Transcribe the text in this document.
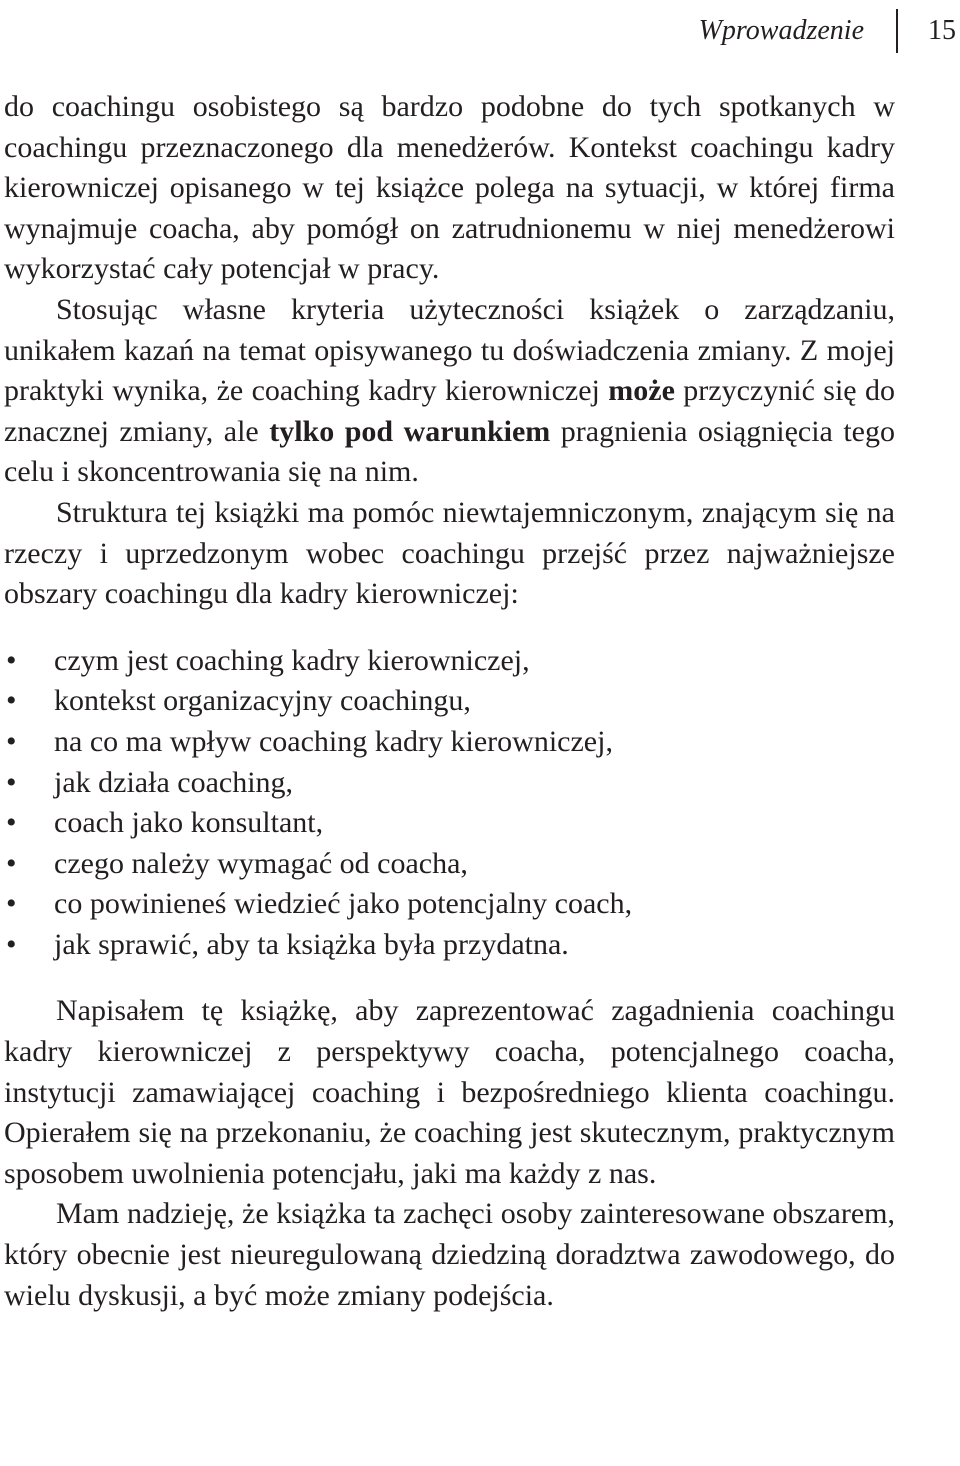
Wprowadzenie	15

do coachingu osobistego są bardzo podobne do tych spotkanych w coachingu przeznaczonego dla menedżerów. Kontekst coachingu kadry kierowniczej opisanego w tej książce polega na sytuacji, w której firma wynajmuje coacha, aby pomógł on zatrudnionemu w niej menedżerowi wykorzystać cały potencjał w pracy.

Stosując własne kryteria użyteczności książek o zarządzaniu, unikałem kazań na temat opisywanego tu doświadczenia zmiany. Z mojej praktyki wynika, że coaching kadry kierowniczej może przyczynić się do znacznej zmiany, ale tylko pod warunkiem pragnienia osiągnięcia tego celu i skoncentrowania się na nim.

Struktura tej książki ma pomóc niewtajemniczonym, znającym się na rzeczy i uprzedzonym wobec coachingu przejść przez najważniejsze obszary coachingu dla kadry kierowniczej:

• czym jest coaching kadry kierowniczej,
• kontekst organizacyjny coachingu,
• na co ma wpływ coaching kadry kierowniczej,
• jak działa coaching,
• coach jako konsultant,
• czego należy wymagać od coacha,
• co powinieneś wiedzieć jako potencjalny coach,
• jak sprawić, aby ta książka była przydatna.

Napisałem tę książkę, aby zaprezentować zagadnienia coachingu kadry kierowniczej z perspektywy coacha, potencjalnego coacha, instytucji zamawiającej coaching i bezpośredniego klienta coachingu. Opierałem się na przekonaniu, że coaching jest skutecznym, praktycznym sposobem uwolnienia potencjału, jaki ma każdy z nas.

Mam nadzieję, że książka ta zachęci osoby zainteresowane obszarem, który obecnie jest nieuregulowaną dziedziną doradztwa zawodowego, do wielu dyskusji, a być może zmiany podejścia.
